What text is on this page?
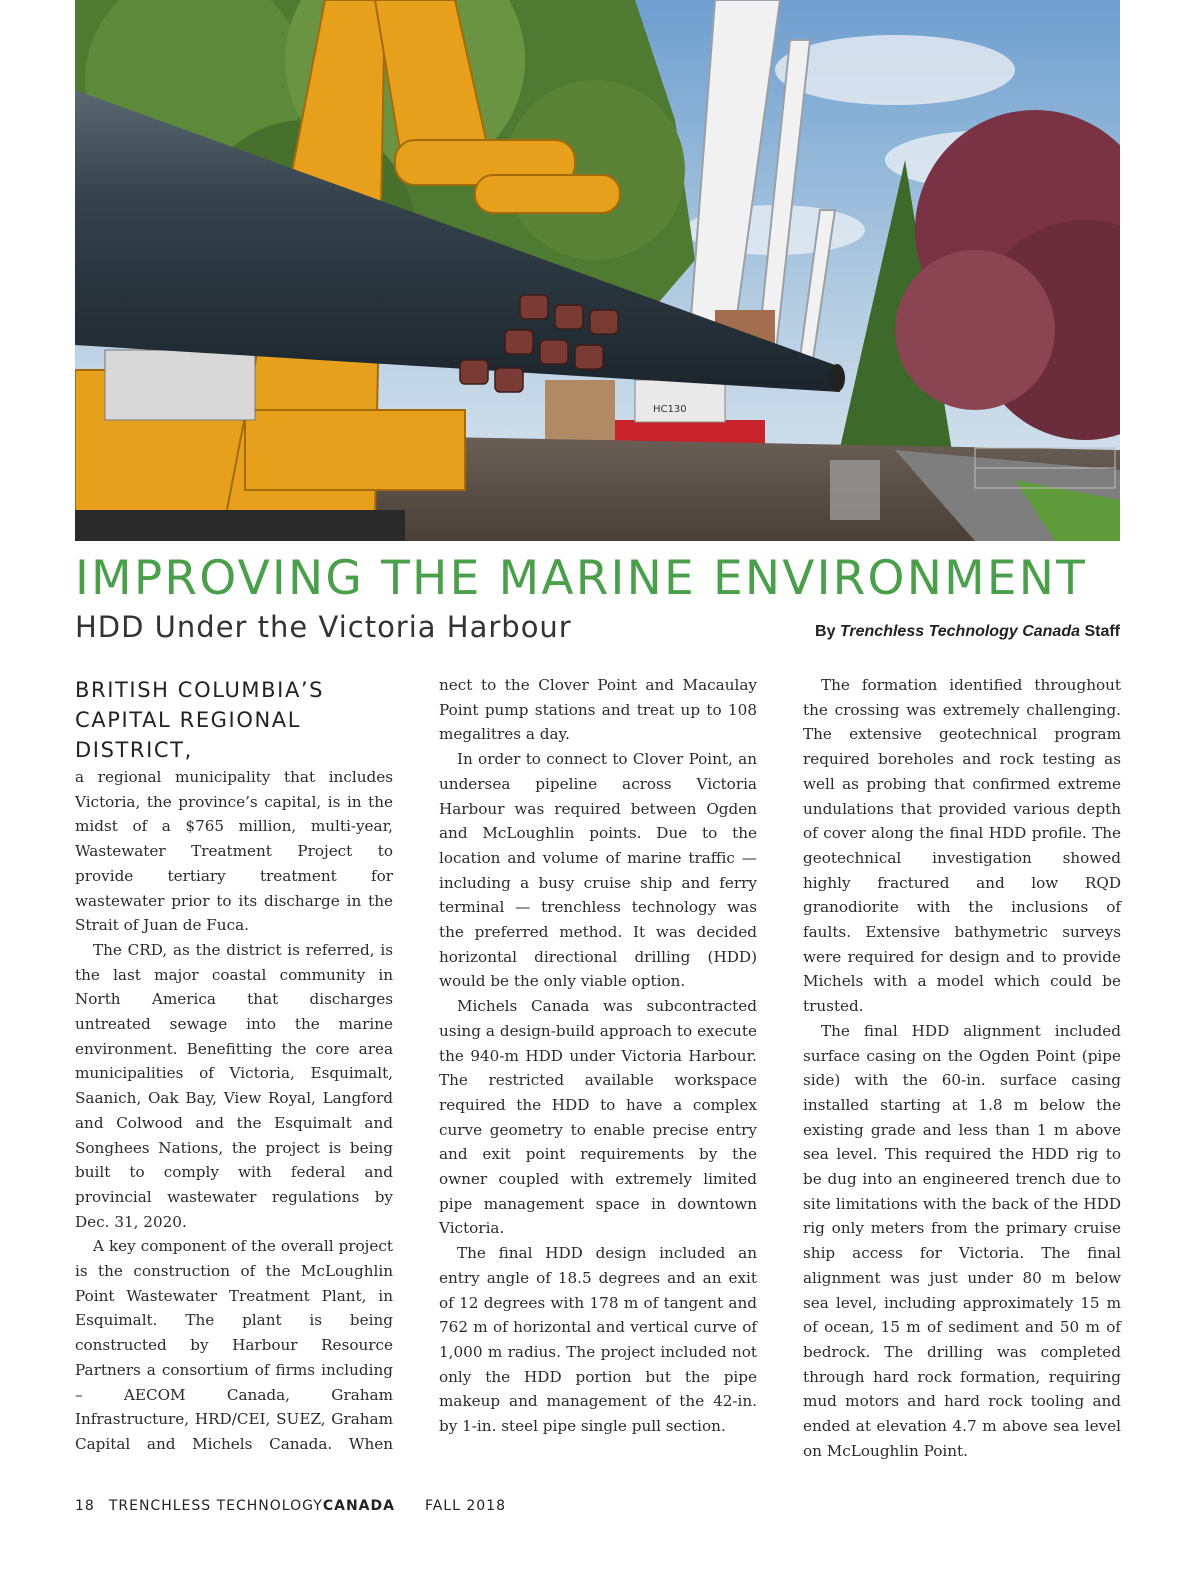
HC130
IMPROVING THE MARINE ENVIRONMENT
HDD Under the Victoria Harbour	By Trenchless Technology Canada Staff
BRITISH COLUMBIA’S CAPITAL REGIONAL DISTRICT,

a regional municipality that includes Victoria, the province’s capital, is in the midst of a $765 million, multi-year, Wastewater Treatment Project to provide tertiary treatment for wastewater prior to its discharge in the Strait of Juan de Fuca.

The CRD, as the district is referred, is the last major coastal community in North America that discharges untreated sewage into the marine environment. Benefitting the core area municipalities of Victoria, Esquimalt, Saanich, Oak Bay, View Royal, Langford and Colwood and the Esquimalt and Songhees Nations, the project is being built to comply with federal and provincial wastewater regulations by Dec. 31, 2020.

A key component of the overall project is the construction of the McLoughlin Point Wastewater Treatment Plant, in Esquimalt. The plant is being constructed by Harbour Resource Partners a consortium of firms including – AECOM Canada, Graham Infrastructure, HRD/CEI, SUEZ, Graham Capital and Michels Canada. When

nect to the Clover Point and Macaulay Point pump stations and treat up to 108 megalitres a day.

In order to connect to Clover Point, an undersea pipeline across Victoria Harbour was required between Ogden and McLoughlin points. Due to the location and volume of marine traffic — including a busy cruise ship and ferry terminal — trenchless technology was the preferred method. It was decided horizontal directional drilling (HDD) would be the only viable option.

Michels Canada was subcontracted using a design-build approach to execute the 940-m HDD under Victoria Harbour. The restricted available workspace required the HDD to have a complex curve geometry to enable precise entry and exit point requirements by the owner coupled with extremely limited pipe management space in downtown Victoria.

The final HDD design included an entry angle of 18.5 degrees and an exit of 12 degrees with 178 m of tangent and 762 m of horizontal and vertical curve of 1,000 m radius. The project included not only the HDD portion but the pipe makeup and management of the 42-in. by 1-in. steel pipe single pull section.

The formation identified throughout the crossing was extremely challenging. The extensive geotechnical program required boreholes and rock testing as well as probing that confirmed extreme undulations that provided various depth of cover along the final HDD profile. The geotechnical investigation showed highly fractured and low RQD granodiorite with the inclusions of faults. Extensive bathymetric surveys were required for design and to provide Michels with a model which could be trusted.

The final HDD alignment included surface casing on the Ogden Point (pipe side) with the 60-in. surface casing installed starting at 1.8 m below the existing grade and less than 1 m above sea level. This required the HDD rig to be dug into an engineered trench due to site limitations with the back of the HDD rig only meters from the primary cruise ship access for Victoria. The final alignment was just under 80 m below sea level, including approximately 15 m of ocean, 15 m of sediment and 50 m of bedrock. The drilling was completed through hard rock formation, requiring mud motors and hard rock tooling and ended at elevation 4.7 m above sea level on McLoughlin Point.

18 TRENCHLESS TECHNOLOGYCANADA FALL 2018
